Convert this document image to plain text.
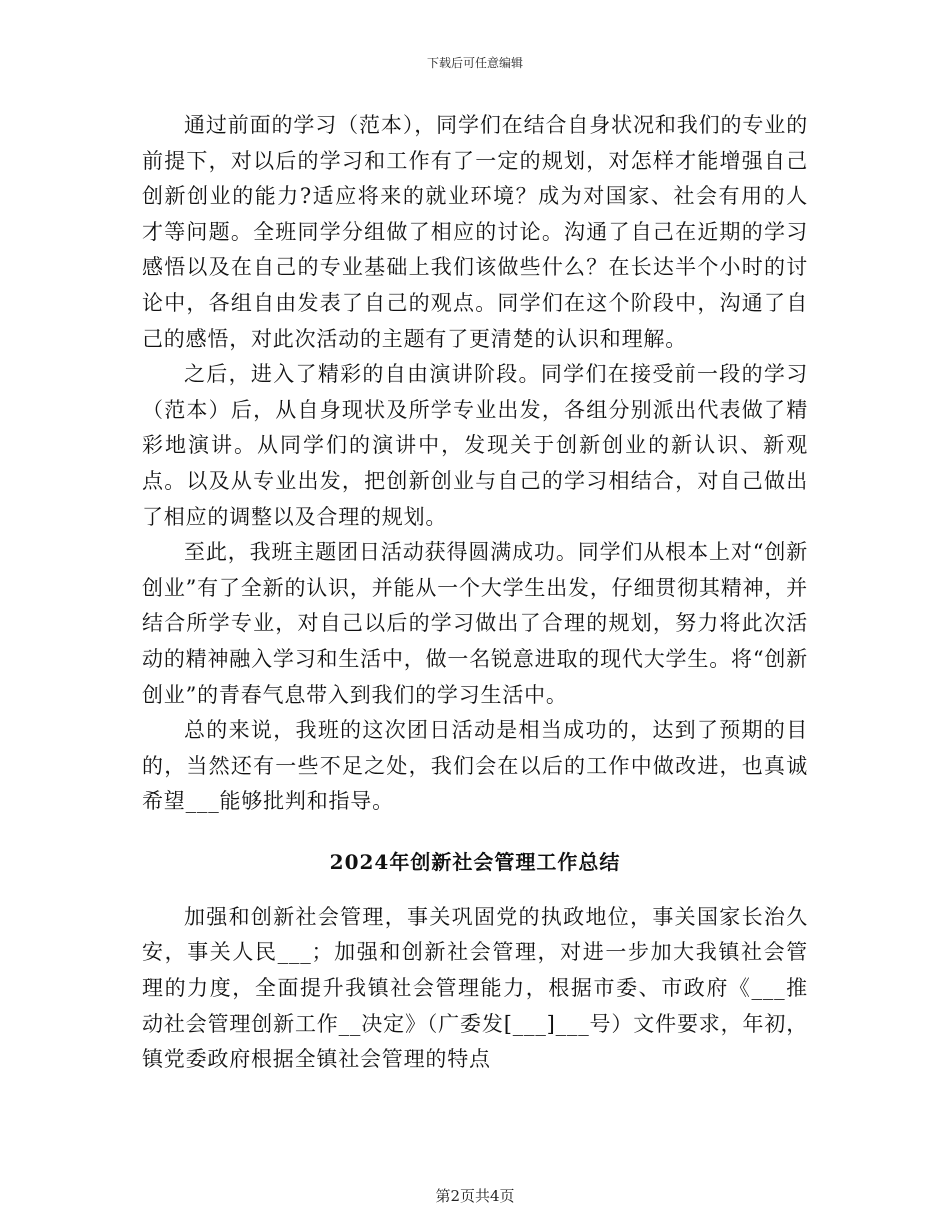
下载后可任意编辑

通过前面的学习（范本），同学们在结合自身状况和我们的专业的前提下，对以后的学习和工作有了一定的规划，对怎样才能增强自己创新创业的能力?适应将来的就业环境？成为对国家、社会有用的人才等问题。全班同学分组做了相应的讨论。沟通了自己在近期的学习感悟以及在自己的专业基础上我们该做些什么？在长达半个小时的讨论中，各组自由发表了自己的观点。同学们在这个阶段中，沟通了自己的感悟，对此次活动的主题有了更清楚的认识和理解。

之后，进入了精彩的自由演讲阶段。同学们在接受前一段的学习（范本）后，从自身现状及所学专业出发，各组分别派出代表做了精彩地演讲。从同学们的演讲中，发现关于创新创业的新认识、新观点。以及从专业出发，把创新创业与自己的学习相结合，对自己做出了相应的调整以及合理的规划。

至此，我班主题团日活动获得圆满成功。同学们从根本上对“创新创业”有了全新的认识，并能从一个大学生出发，仔细贯彻其精神，并结合所学专业，对自己以后的学习做出了合理的规划，努力将此次活动的精神融入学习和生活中，做一名锐意进取的现代大学生。将“创新创业”的青春气息带入到我们的学习生活中。

总的来说，我班的这次团日活动是相当成功的，达到了预期的目的，当然还有一些不足之处，我们会在以后的工作中做改进，也真诚希望___能够批判和指导。

2024年创新社会管理工作总结

加强和创新社会管理，事关巩固党的执政地位，事关国家长治久安，事关人民___；加强和创新社会管理，对进一步加大我镇社会管理的力度，全面提升我镇社会管理能力，根据市委、市政府《___推动社会管理创新工作__决定》（广委发[___]___号）文件要求，年初，镇党委政府根据全镇社会管理的特点

第2页共4页
